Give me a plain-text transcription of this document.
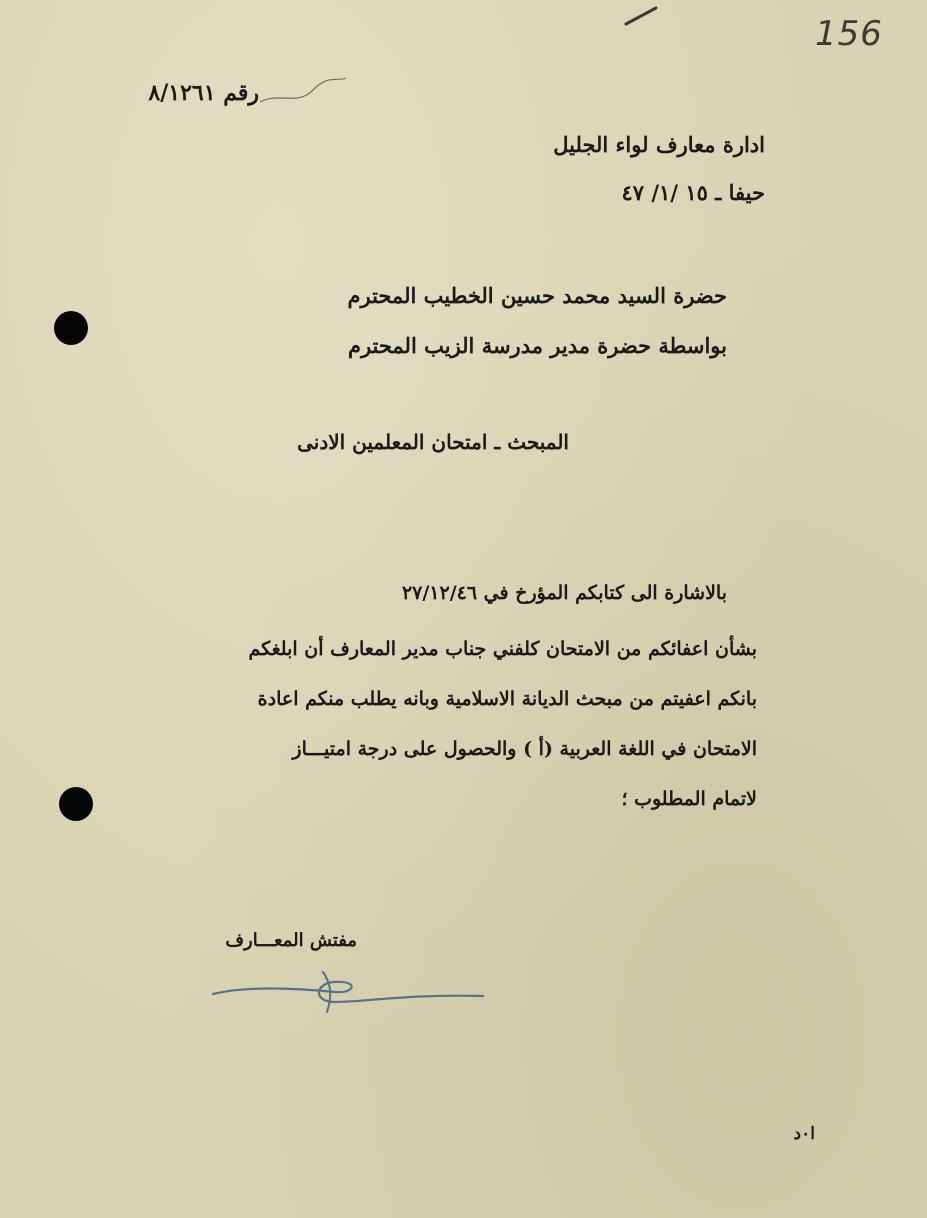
156
رقم ٨/١٢٦١
ادارة معارف لواء الجليل
حيفا ـ ١٥ /١/ ٤٧
حضرة السيد محمد حسين الخطيب المحترم
بواسطة حضرة مدير مدرسة الزيب المحترم
المبحث ـ امتحان المعلمين الادنى
بالاشارة الى كتابكم المؤرخ في ٢٧/١٢/٤٦
بشأن اعفائكم من الامتحان كلفني جناب مدير المعارف أن ابلغكم
بانكم اعفيتم من مبحث الديانة الاسلامية وبانه يطلب منكم اعادة
الامتحان في اللغة العربية (أ ) والحصول على درجة امتيـــاز
لاتمام المطلوب ؛
مفتش المعـــارف
ا٠د
